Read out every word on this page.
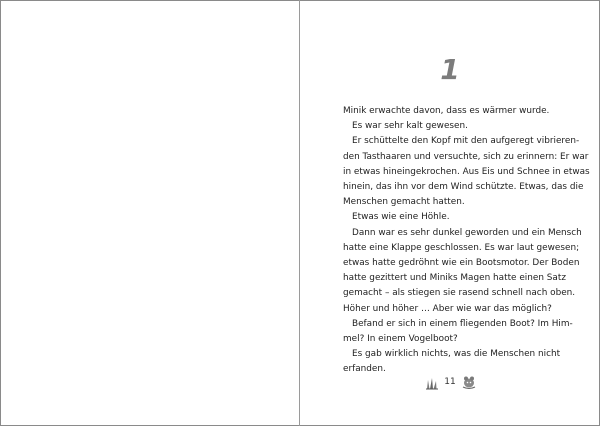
1
Minik erwachte davon, dass es wärmer wurde.
Es war sehr kalt gewesen.
Er schüttelte den Kopf mit den aufgeregt vibrieren-
den Tasthaaren und versuchte, sich zu erinnern: Er war
in etwas hineingekrochen. Aus Eis und Schnee in etwas
hinein, das ihn vor dem Wind schützte. Etwas, das die
Menschen gemacht hatten.
Etwas wie eine Höhle.
Dann war es sehr dunkel geworden und ein Mensch
hatte eine Klappe geschlossen. Es war laut gewesen;
etwas hatte gedröhnt wie ein Bootsmotor. Der Boden
hatte gezittert und Miniks Magen hatte einen Satz
gemacht – als stiegen sie rasend schnell nach oben.
Höher und höher … Aber wie war das möglich?
Befand er sich in einem fliegenden Boot? Im Him-
mel? In einem Vogelboot?
Es gab wirklich nichts, was die Menschen nicht
erfanden.
11
